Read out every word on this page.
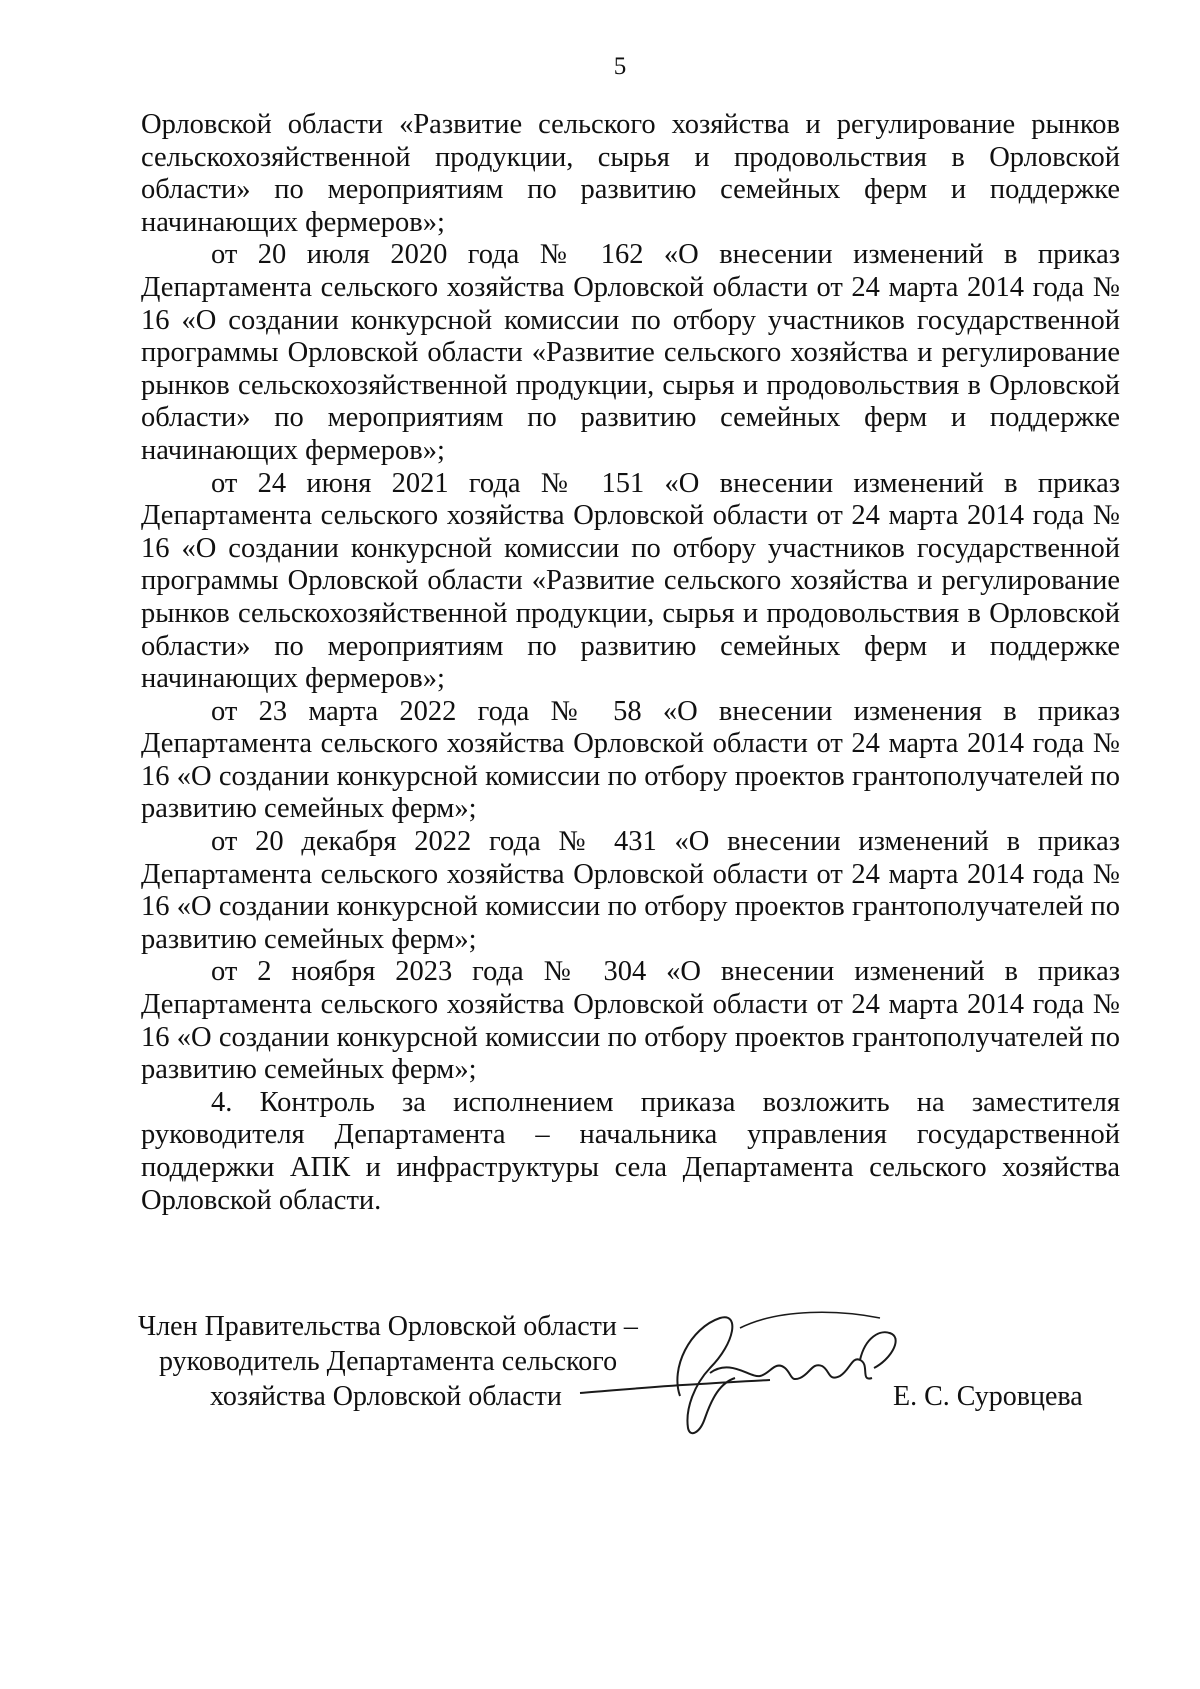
5

Орловской области «Развитие сельского хозяйства и регулирование рынков сельскохозяйственной продукции, сырья и продовольствия в Орловской области» по мероприятиям по развитию семейных ферм и поддержке начинающих фермеров»;

от 20 июля 2020 года № 162 «О внесении изменений в приказ Департамента сельского хозяйства Орловской области от 24 марта 2014 года № 16 «О создании конкурсной комиссии по отбору участников государственной программы Орловской области «Развитие сельского хозяйства и регулирование рынков сельскохозяйственной продукции, сырья и продовольствия в Орловской области» по мероприятиям по развитию семейных ферм и поддержке начинающих фермеров»;

от 24 июня 2021 года № 151 «О внесении изменений в приказ Департамента сельского хозяйства Орловской области от 24 марта 2014 года № 16 «О создании конкурсной комиссии по отбору участников государственной программы Орловской области «Развитие сельского хозяйства и регулирование рынков сельскохозяйственной продукции, сырья и продовольствия в Орловской области» по мероприятиям по развитию семейных ферм и поддержке начинающих фермеров»;

от 23 марта 2022 года № 58 «О внесении изменения в приказ Департамента сельского хозяйства Орловской области от 24 марта 2014 года № 16 «О создании конкурсной комиссии по отбору проектов грантополучателей по развитию семейных ферм»;

от 20 декабря 2022 года № 431 «О внесении изменений в приказ Департамента сельского хозяйства Орловской области от 24 марта 2014 года № 16 «О создании конкурсной комиссии по отбору проектов грантополучателей по развитию семейных ферм»;

от 2 ноября 2023 года № 304 «О внесении изменений в приказ Департамента сельского хозяйства Орловской области от 24 марта 2014 года № 16 «О создании конкурсной комиссии по отбору проектов грантополучателей по развитию семейных ферм»;

4. Контроль за исполнением приказа возложить на заместителя руководителя Департамента – начальника управления государственной поддержки АПК и инфраструктуры села Департамента сельского хозяйства Орловской области.

Член Правительства Орловской области –
руководитель Департамента сельского
хозяйства Орловской области	Е. С. Суровцева
